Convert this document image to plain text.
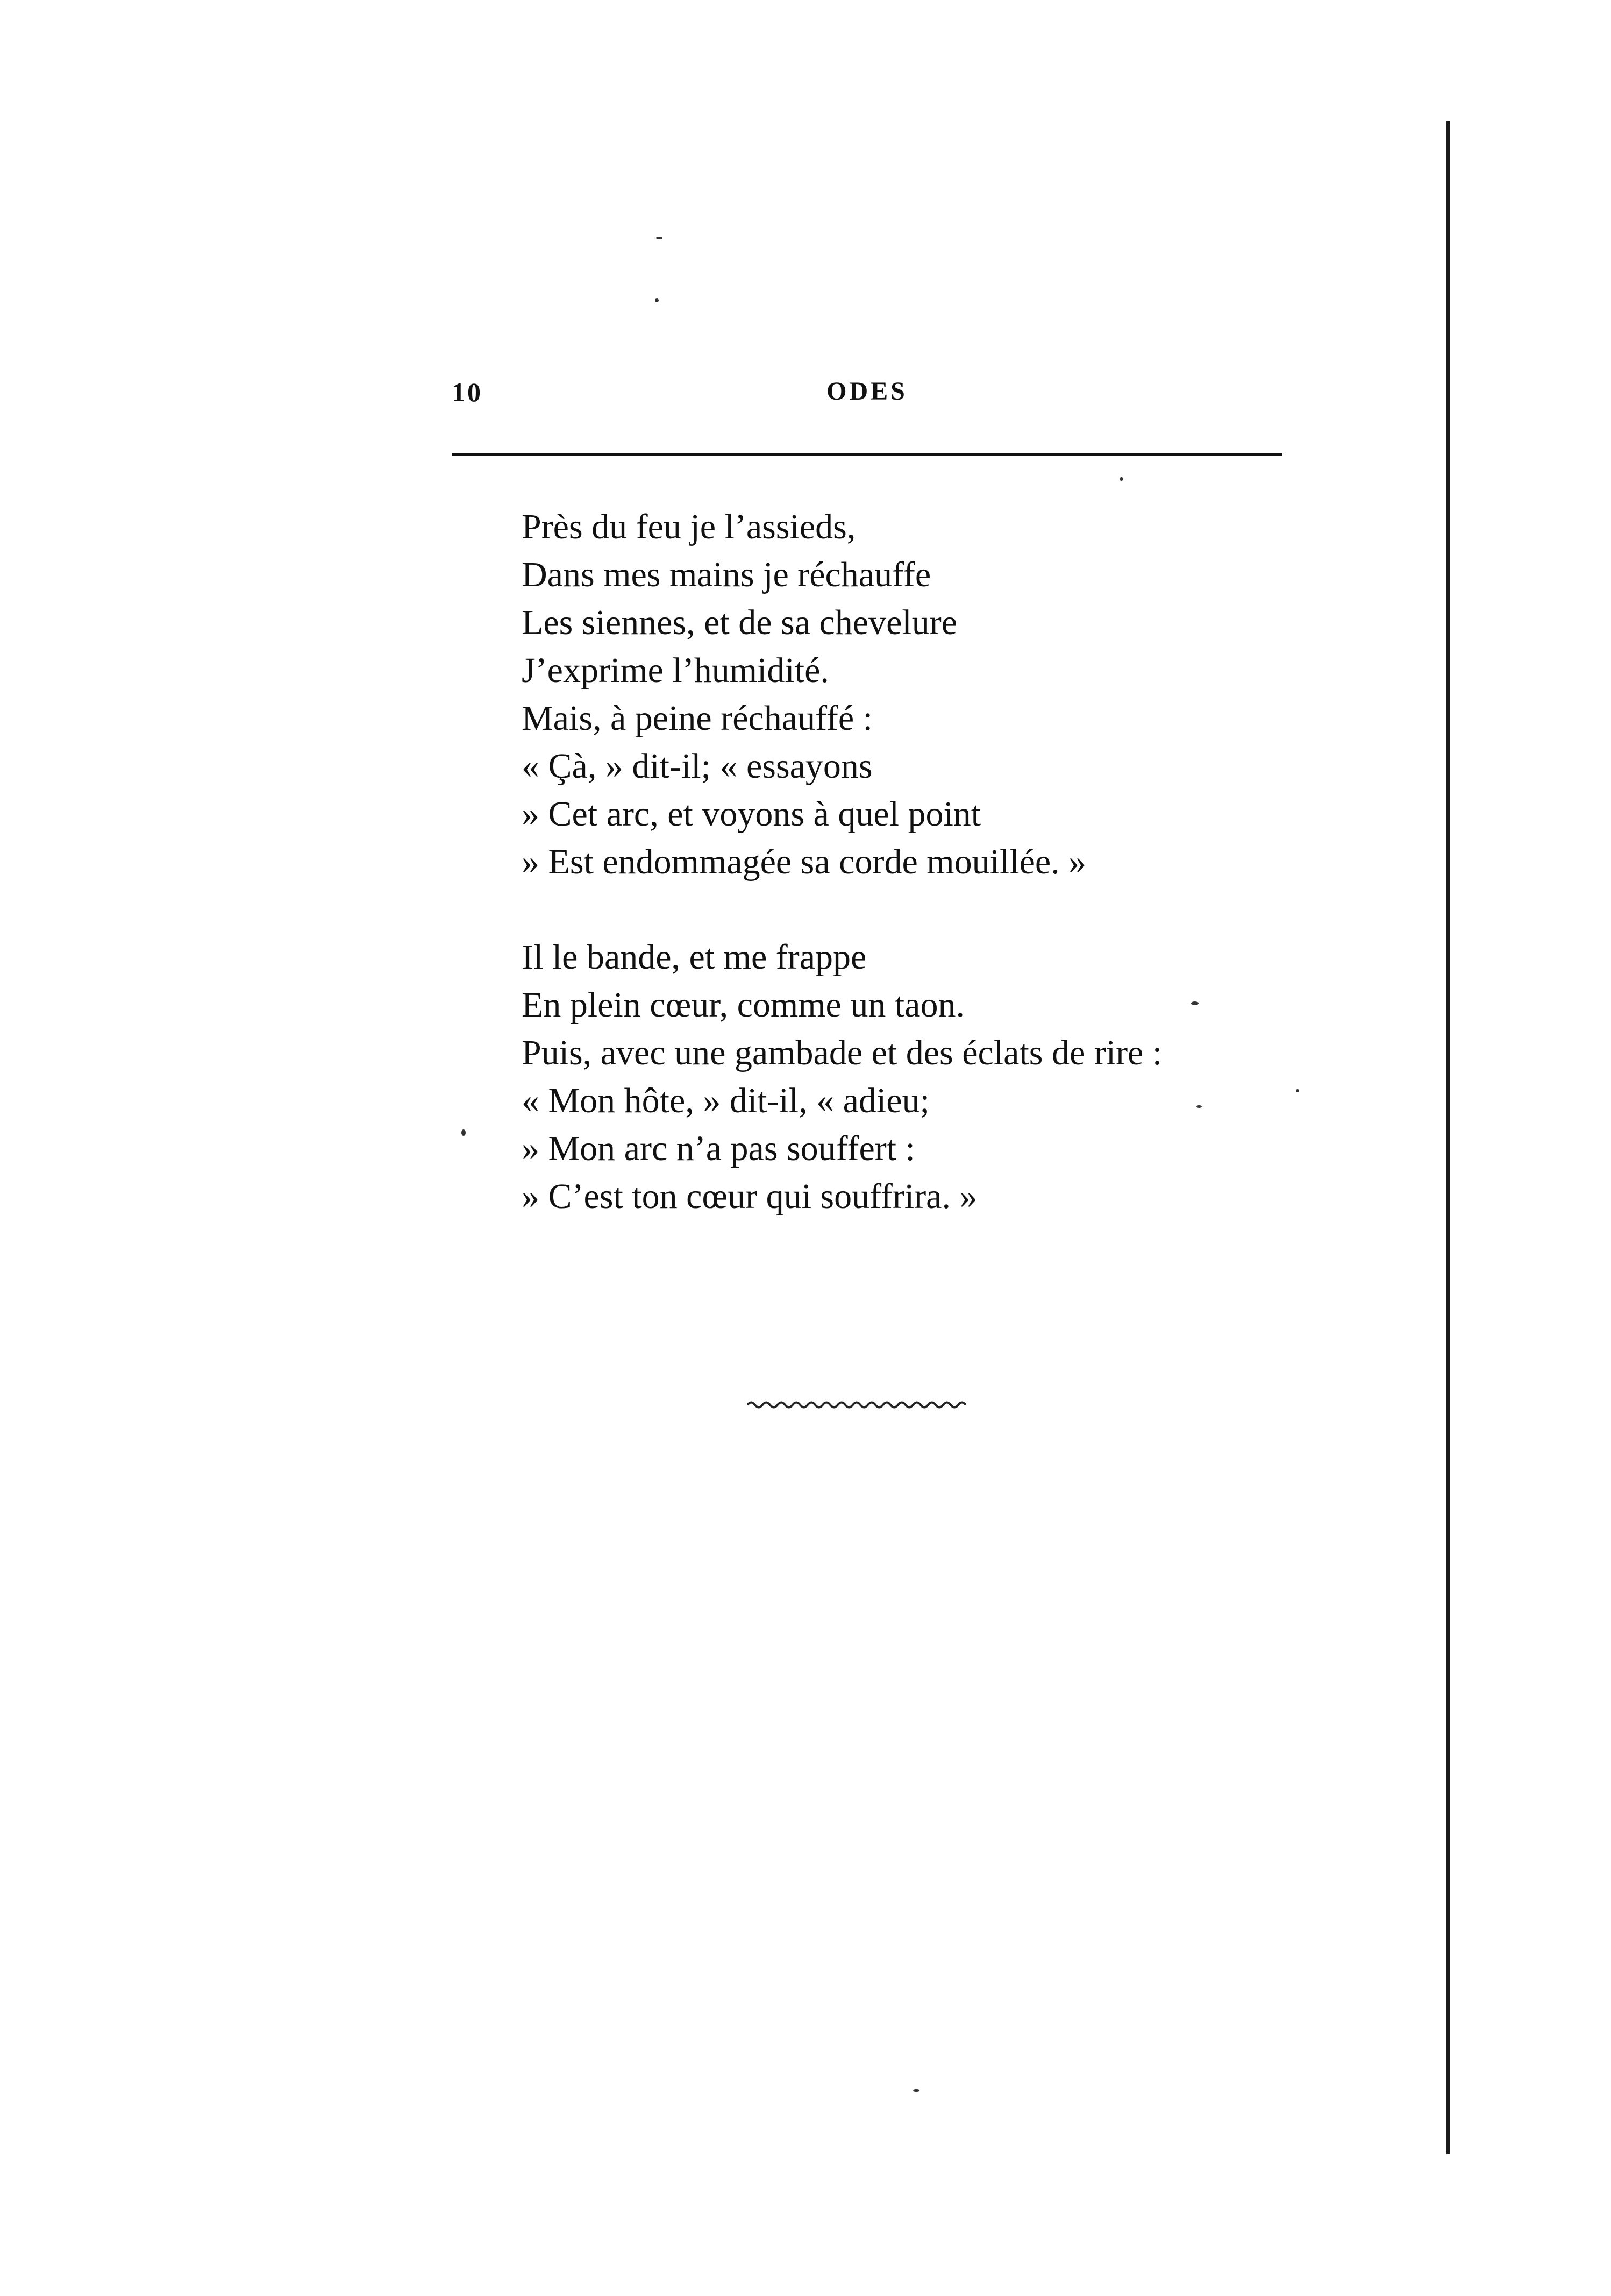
10	ODES
Près du feu je l’assieds,
Dans mes mains je réchauffe
Les siennes, et de sa chevelure
J’exprime l’humidité.
Mais, à peine réchauffé :
« Çà, » dit-il; « essayons
» Cet arc, et voyons à quel point
» Est endommagée sa corde mouillée. »
Il le bande, et me frappe
En plein cœur, comme un taon.
Puis, avec une gambade et des éclats de rire :
« Mon hôte, » dit-il, « adieu;
» Mon arc n’a pas souffert :
» C’est ton cœur qui souffrira. »
